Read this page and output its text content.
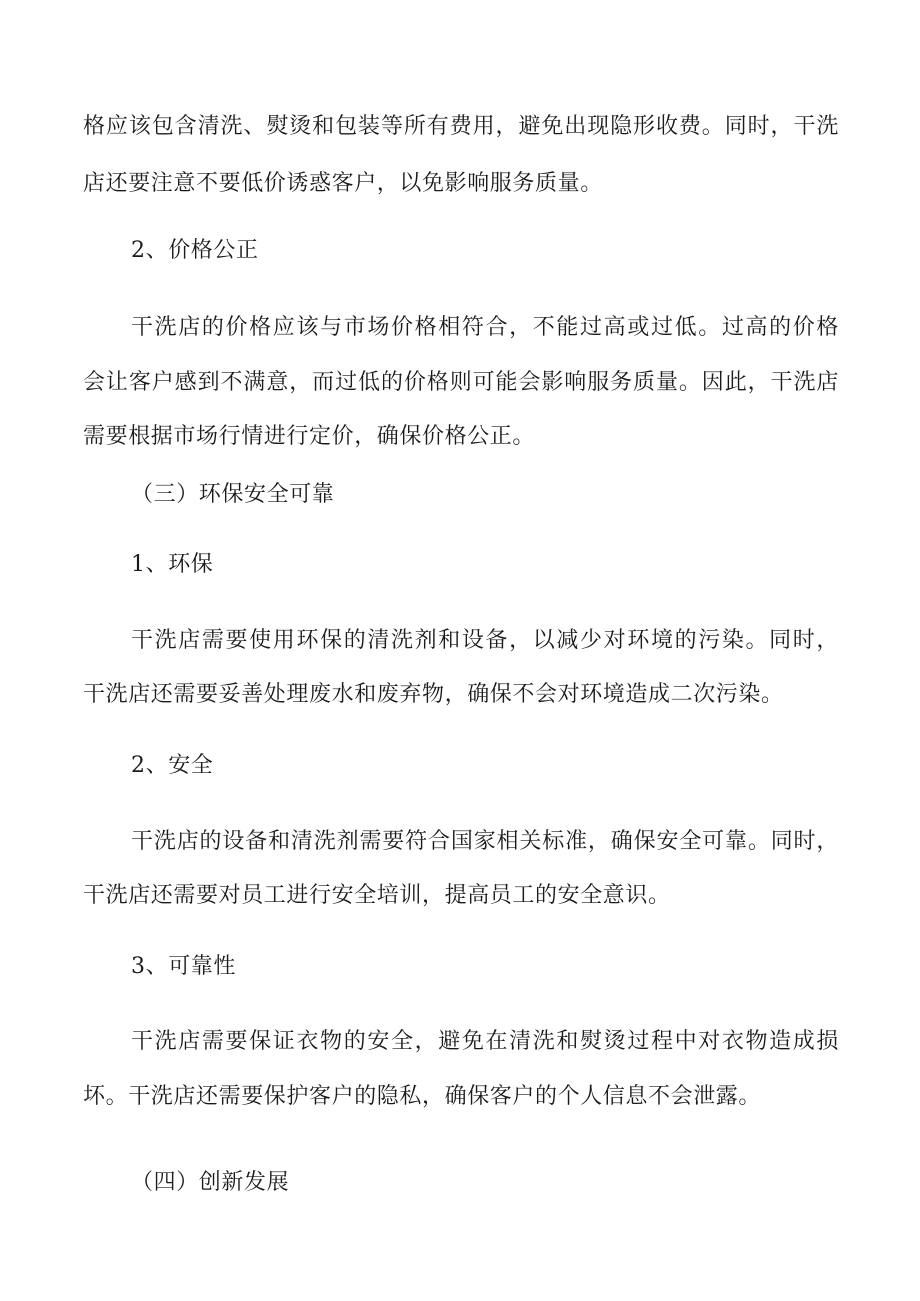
格应该包含清洗、熨烫和包装等所有费用，避免出现隐形收费。同时，干洗
店还要注意不要低价诱惑客户，以免影响服务质量。
2、价格公正
干洗店的价格应该与市场价格相符合，不能过高或过低。过高的价格
会让客户感到不满意，而过低的价格则可能会影响服务质量。因此，干洗店
需要根据市场行情进行定价，确保价格公正。
（三）环保安全可靠
1、环保
干洗店需要使用环保的清洗剂和设备，以减少对环境的污染。同时，
干洗店还需要妥善处理废水和废弃物，确保不会对环境造成二次污染。
2、安全
干洗店的设备和清洗剂需要符合国家相关标准，确保安全可靠。同时，
干洗店还需要对员工进行安全培训，提高员工的安全意识。
3、可靠性
干洗店需要保证衣物的安全，避免在清洗和熨烫过程中对衣物造成损
坏。干洗店还需要保护客户的隐私，确保客户的个人信息不会泄露。
（四）创新发展
